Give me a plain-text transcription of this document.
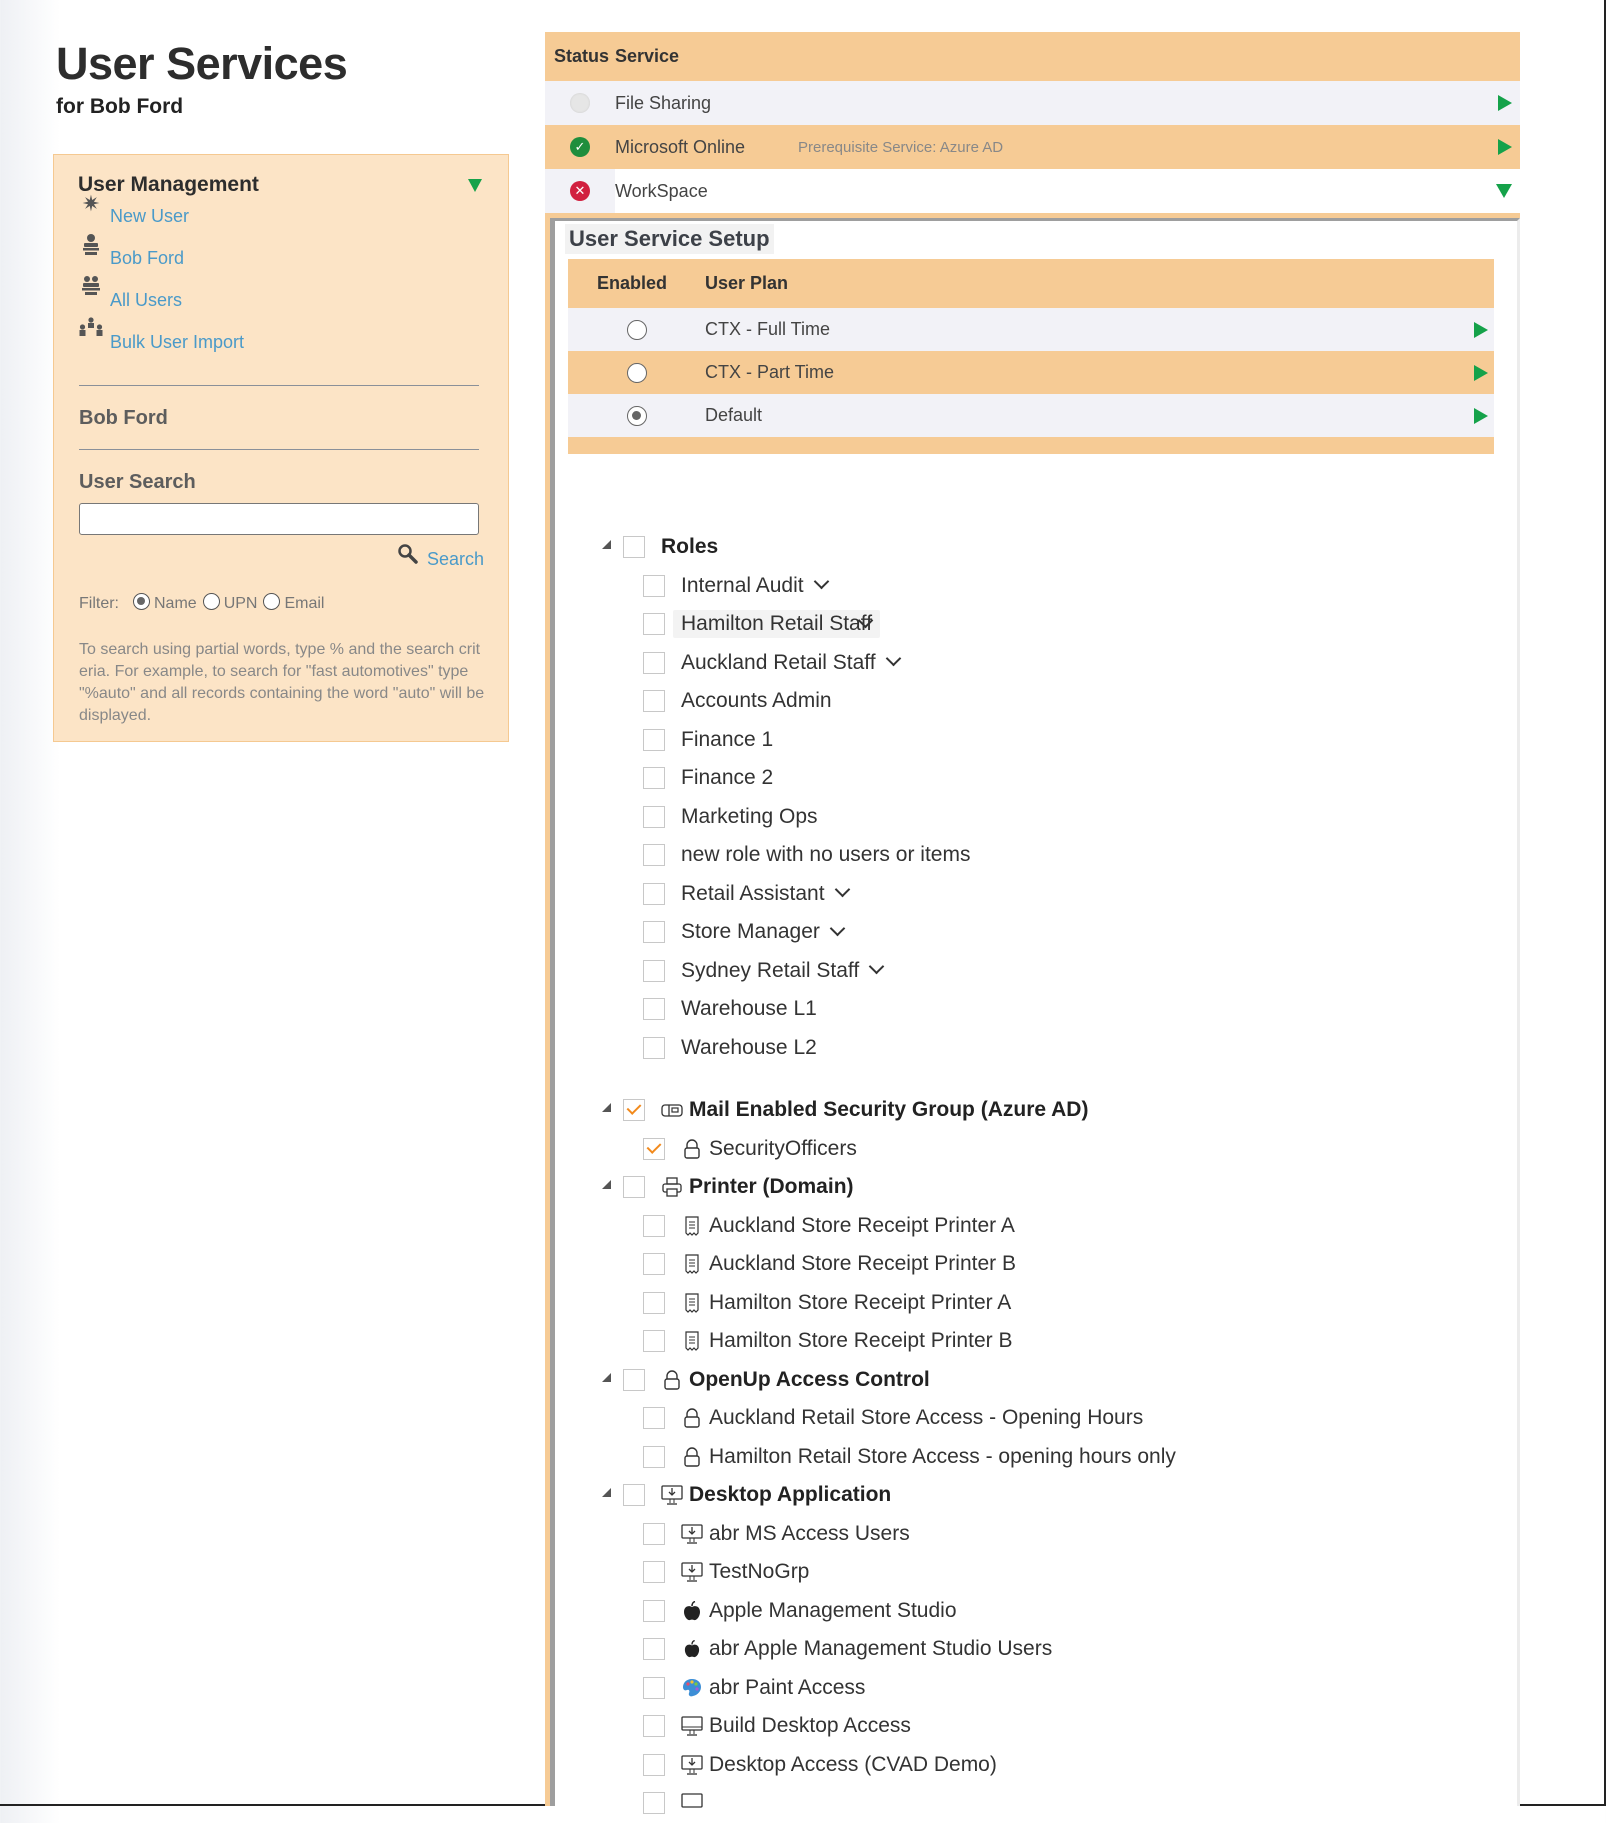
User Services
for Bob Ford
User Management
✷ New User
Bob Ford
All Users
Bulk User Import
Bob Ford
User Search
Search
Filter: Name UPN Email
To search using partial words, type % and the search criteria. For example, to search for "fast automotives" type "%auto" and all records containing the word "auto" will be displayed.
Status Service
File Sharing
✓ Microsoft Online	Prerequisite Service: Azure AD
✕ WorkSpace
User Service Setup
Enabled	User Plan
CTX - Full Time
CTX - Part Time
Default
Roles
Internal Audit
Hamilton Retail Staff
Auckland Retail Staff
Accounts Admin
Finance 1
Finance 2
Marketing Ops
new role with no users or items
Retail Assistant
Store Manager
Sydney Retail Staff
Warehouse L1
Warehouse L2
Mail Enabled Security Group (Azure AD)
SecurityOfficers
Printer (Domain)
Auckland Store Receipt Printer A
Auckland Store Receipt Printer B
Hamilton Store Receipt Printer A
Hamilton Store Receipt Printer B
OpenUp Access Control
Auckland Retail Store Access - Opening Hours
Hamilton Retail Store Access - opening hours only
Desktop Application
abr MS Access Users
TestNoGrp
Apple Management Studio
abr Apple Management Studio Users
abr Paint Access
Build Desktop Access
Desktop Access (CVAD Demo)
